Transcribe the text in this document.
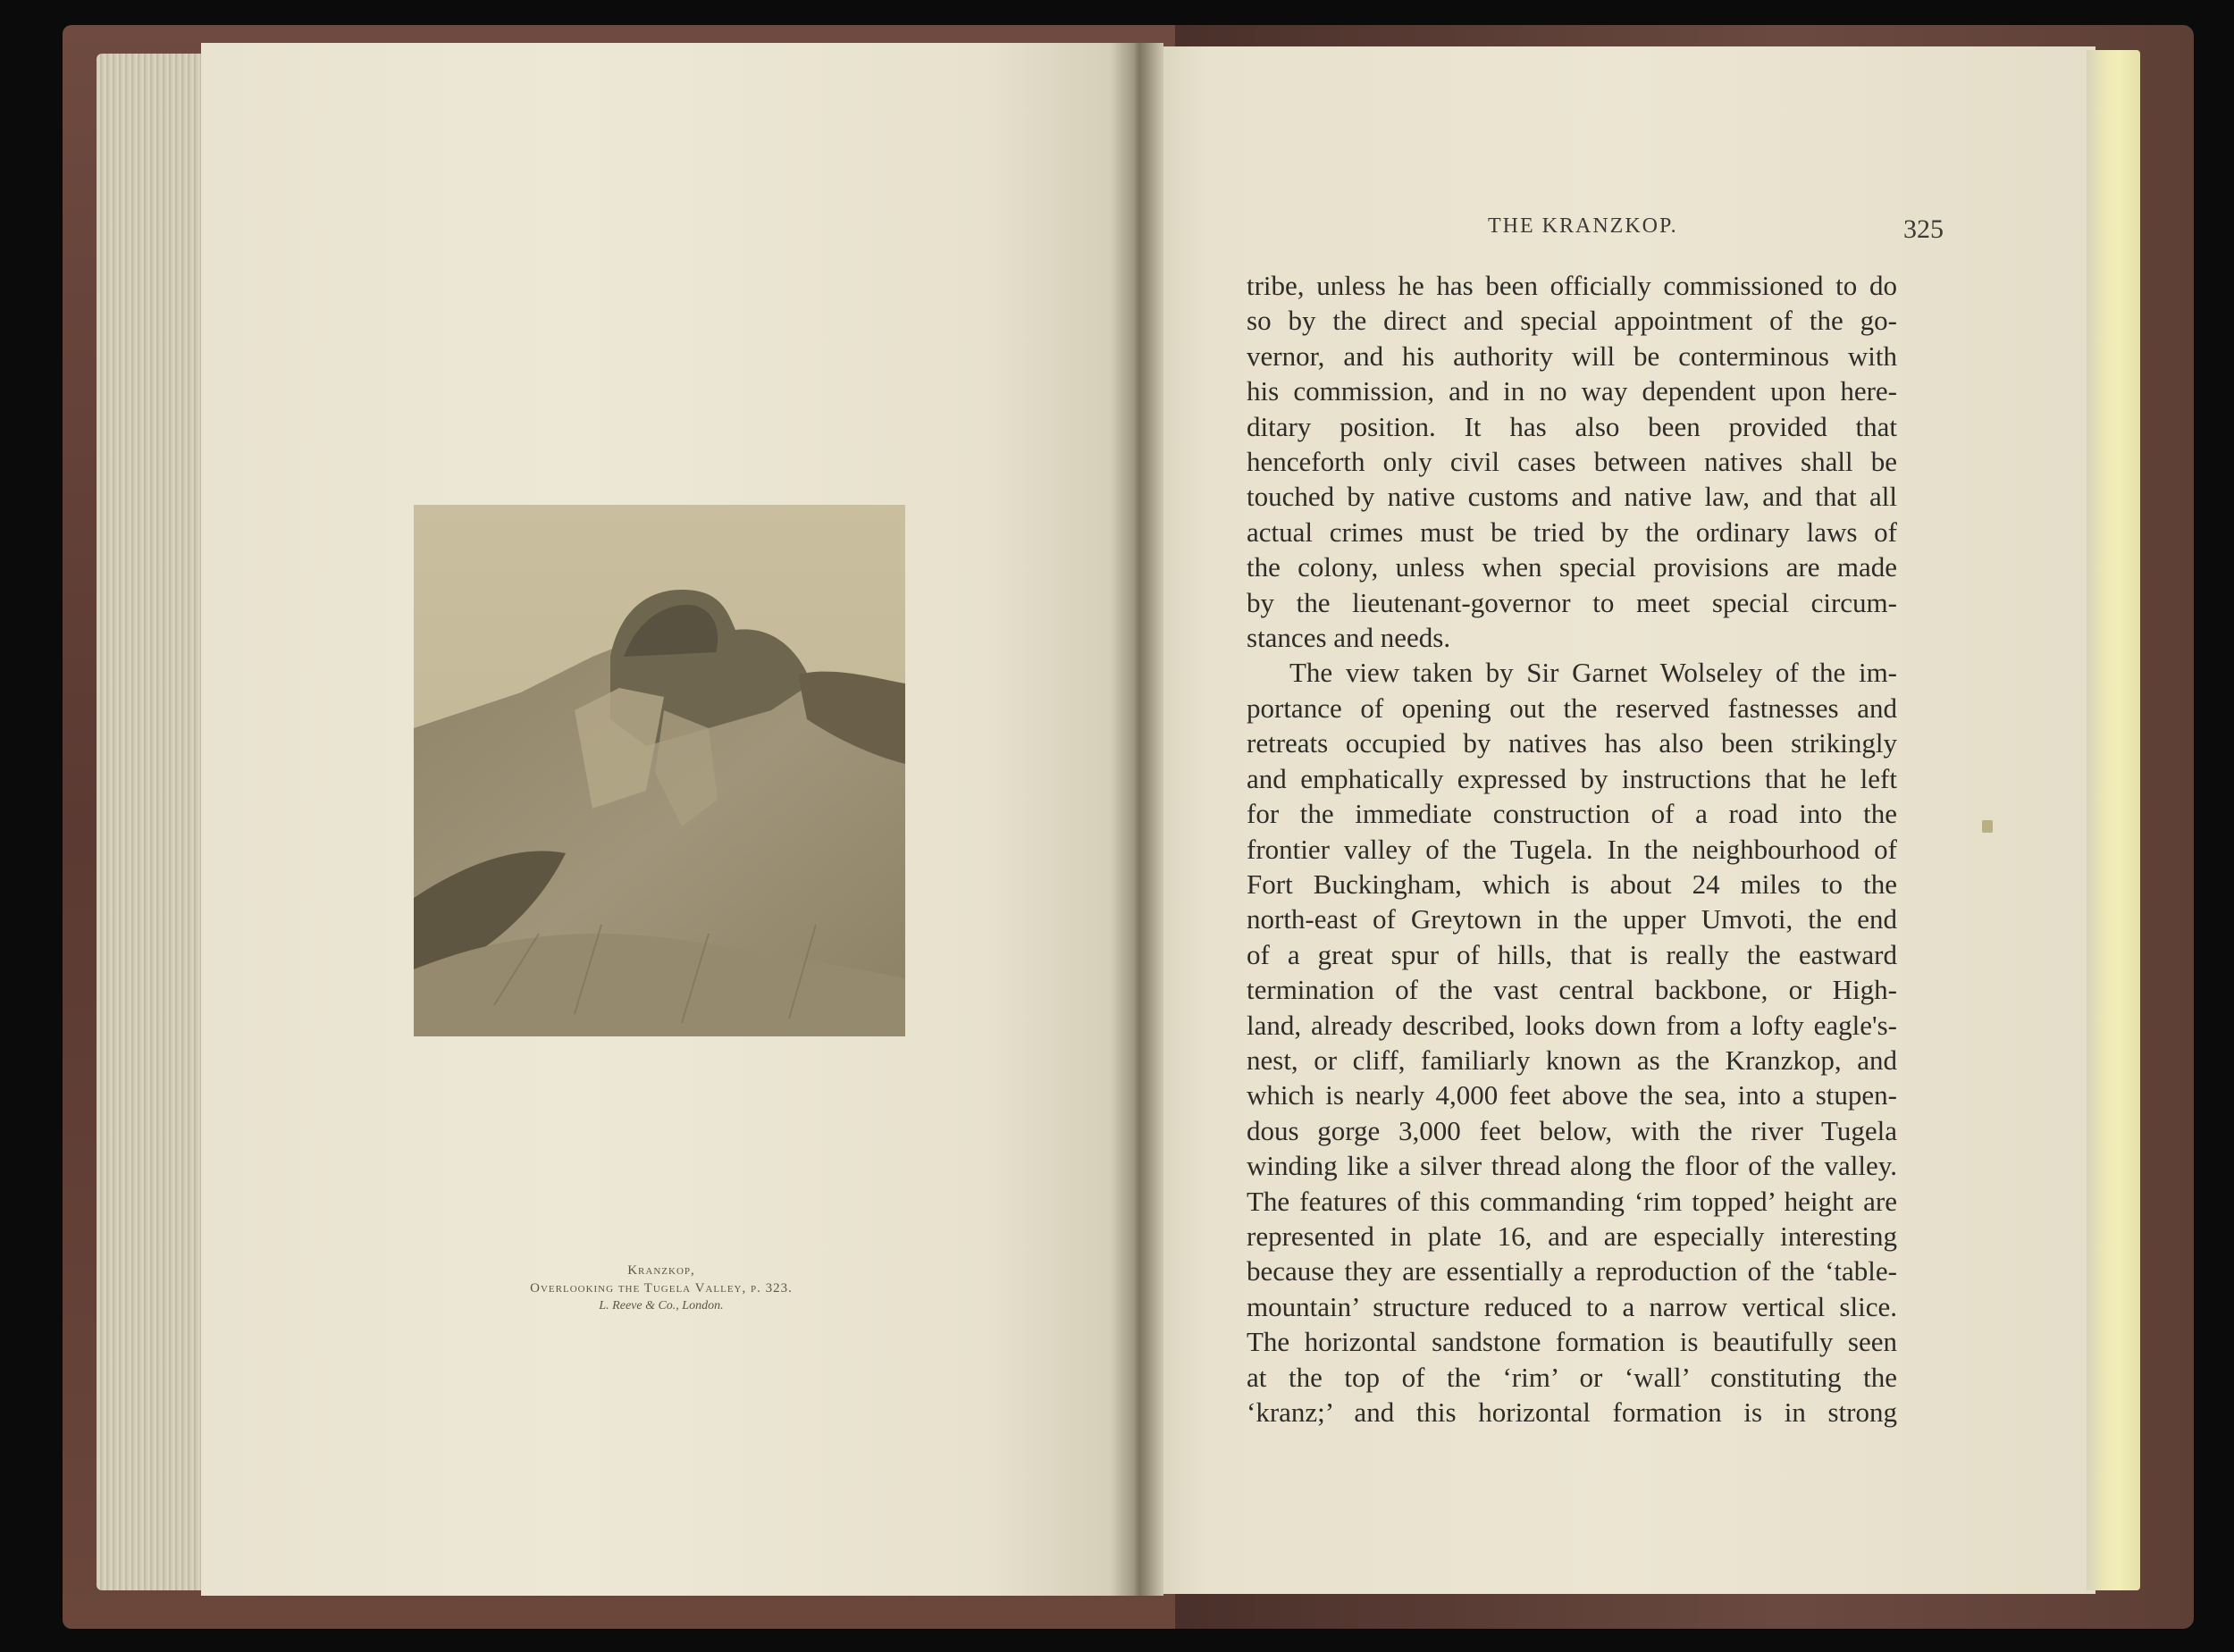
Kranzkop,
Overlooking the Tugela Valley, p. 323.
L. Reeve & Co., London.
THE KRANZKOP.	325
tribe, unless he has been officially commissioned to do
so by the direct and special appointment of the go-
vernor, and his authority will be conterminous with
his commission, and in no way dependent upon here-
ditary position. It has also been provided that
henceforth only civil cases between natives shall be
touched by native customs and native law, and that all
actual crimes must be tried by the ordinary laws of
the colony, unless when special provisions are made
by the lieutenant-governor to meet special circum-
stances and needs.
The view taken by Sir Garnet Wolseley of the im-
portance of opening out the reserved fastnesses and
retreats occupied by natives has also been strikingly
and emphatically expressed by instructions that he left
for the immediate construction of a road into the
frontier valley of the Tugela. In the neighbourhood of
Fort Buckingham, which is about 24 miles to the
north-east of Greytown in the upper Umvoti, the end
of a great spur of hills, that is really the eastward
termination of the vast central backbone, or High-
land, already described, looks down from a lofty eagle's-
nest, or cliff, familiarly known as the Kranzkop, and
which is nearly 4,000 feet above the sea, into a stupen-
dous gorge 3,000 feet below, with the river Tugela
winding like a silver thread along the floor of the valley.
The features of this commanding ‘rim topped’ height are
represented in plate 16, and are especially interesting
because they are essentially a reproduction of the ‘table-
mountain’ structure reduced to a narrow vertical slice.
The horizontal sandstone formation is beautifully seen
at the top of the ‘rim’ or ‘wall’ constituting the
‘kranz;’ and this horizontal formation is in strong
